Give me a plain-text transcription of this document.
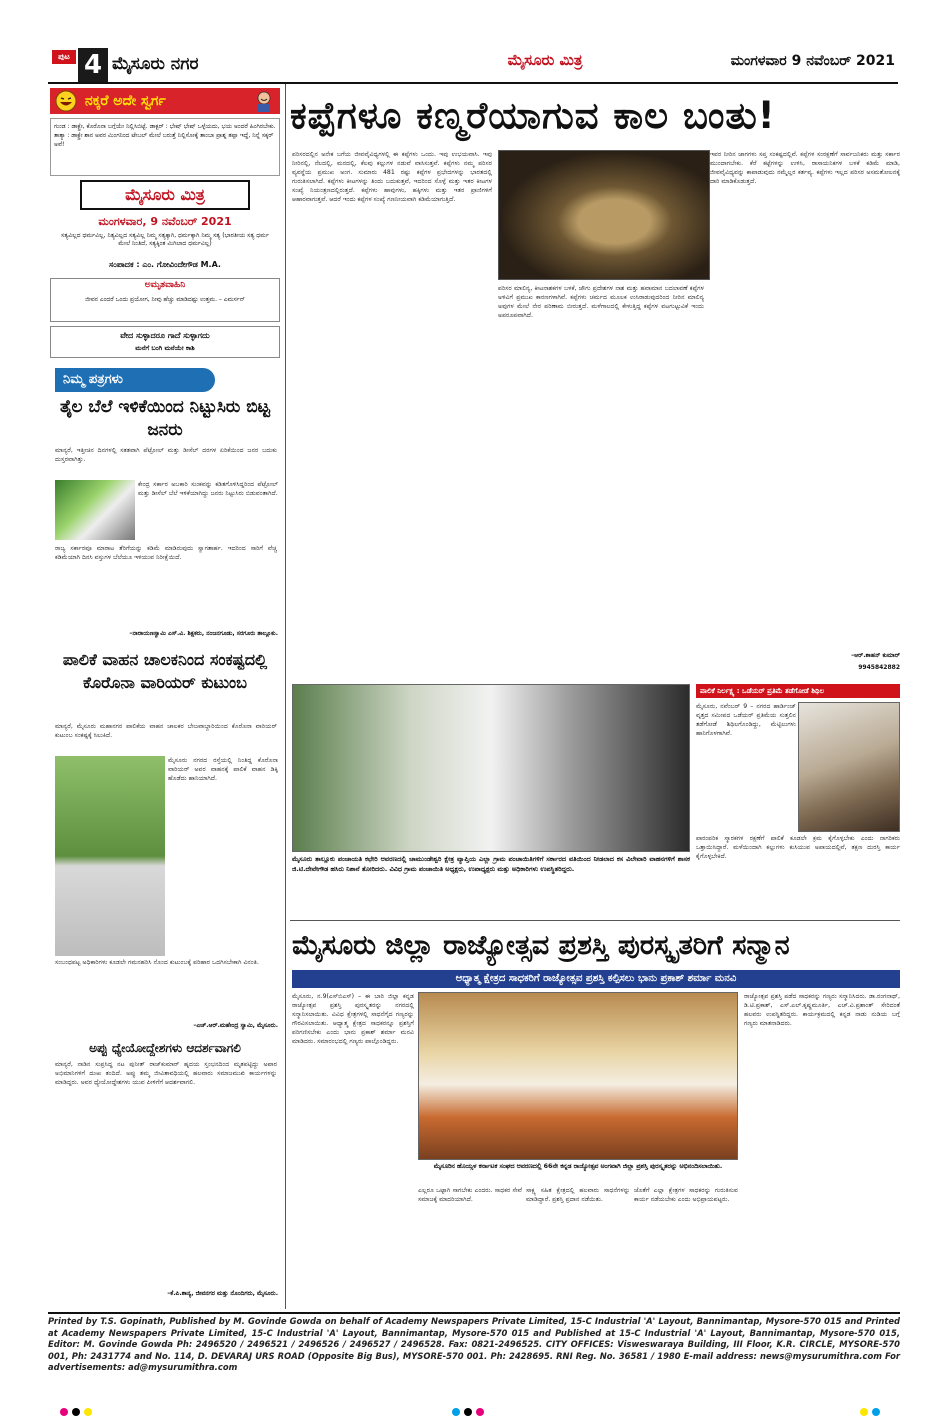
ಪುಟ 4 ಮೈಸೂರು ನಗರ	ಮೈಸೂರು ಮಿತ್ರ	ಮಂಗಳವಾರ 9 ನವೆಂಬರ್ 2021
ನಕ್ಕರೆ ಅದೇ ಸ್ವರ್ಗ
ಗುಂಡ : ಡಾಕ್ಟ್ರೇ, ಕೊರೊನಾ ಬಗ್ಗೆಯೇ ನಿಲ್ಲಿಸಿಬಿಟ್ಟೆ. ಡಾಕ್ಟರ್ : ಭೇಷ್ ಭೇಷ್ ಒಳ್ಳೆಯದು, ಭಯ ಅಂದರೆ ಹಿಂಗಿರಬೇಕು. ತಾತ್ಯಾ : ಡಾಕ್ಟ್ರೇ ಶಾನ ಅವರ ಮಿಂಗನಿಂದ ಟೇಬಲ್ ಮೇಲೆ ಬರುತ್ತೆ ನಿಲ್ಲಿಸೋಕ್ಕೆ ತಾಂಬಾ ಪ್ರಾಶ್ನ ತಪ್ಪಾ ಇದ್ದೆ, ನಿನ್ನೆ ಸಕ್ಕರ್ ಅವೆ!
ಮೈಸೂರು ಮಿತ್ರ
ಮಂಗಳವಾರ, 9 ನವೆಂಬರ್ 2021
ಸತ್ಯವಿಲ್ಲದ ಧರ್ಮವಿಲ್ಲ, ನಿತ್ಯವಿಲ್ಲದ ಸತ್ಯವಿಲ್ಲ ನಿಮ್ಮ ಸತ್ಯಕ್ಕಾಗಿ, ಧರ್ಮಕ್ಕಾಗಿ ನಿಮ್ಮ ಸತ್ಯ (ಭಾರತೀಯ ಸತ್ಯ ಧರ್ಮ ಮೇಲೆ ನಿಂತಿದೆ, ಸತ್ಯಕ್ಕಿಂತ ಮಿಗಿಲಾದ ಧರ್ಮವಿಲ್ಲ)
ಸಂಪಾದಕ : ಎಂ. ಗೋವಿಂದೇಗೌಡ M.A.
ಅಮೃತವಾಹಿನಿ
ಜೀವನ ಎಂದರೆ ಒಂದು ಪ್ರಯೋಗ, ನೀವು ಹೆಚ್ಚು ಮಾಡಿದಷ್ಟು ಉತ್ತಮ. – ಎಮರ್ಸನ್
ವೇದ ಸುಳ್ಳಾದರೂ ಗಾದೆ ಸುಳ್ಳಾಗದು
ಮನೆಗೆ ಬಂಗಿ ಮನೆಯೇ ಕಾಶಿ
ನಿಮ್ಮ ಪತ್ರಗಳು
ತೈಲ ಬೆಲೆ ಇಳಿಕೆಯಿಂದ ನಿಟ್ಟುಸಿರು ಬಿಟ್ಟ ಜನರು
ಮಾನ್ಯರೆ, ಇತ್ತೀಚಿನ ದಿನಗಳಲ್ಲಿ ಸತತವಾಗಿ ಪೆಟ್ರೋಲ್ ಮತ್ತು ಡೀಸೆಲ್ ದರಗಳ ಏರಿಕೆಯಿಂದ ಜನರ ಬದುಕು ದುಸ್ತರವಾಗಿತ್ತು.
ಕೇಂದ್ರ ಸರ್ಕಾರ ಅಬಕಾರಿ ಸುಂಕವನ್ನು ಕಡಿತಗೊಳಿಸಿದ್ದರಿಂದ ಪೆಟ್ರೋಲ್ ಮತ್ತು ಡೀಸೆಲ್ ಬೆಲೆ ಇಳಿಕೆಯಾಗಿದ್ದು ಜನರು ನಿಟ್ಟುಸಿರು ಬಿಡುವಂತಾಗಿದೆ.
ರಾಜ್ಯ ಸರ್ಕಾರವೂ ಮಾರಾಟ ತೆರಿಗೆಯನ್ನು ಕಡಿಮೆ ಮಾಡಿರುವುದು ಸ್ವಾಗತಾರ್ಹ. ಇದರಿಂದ ಸಾರಿಗೆ ವೆಚ್ಚ ಕಡಿಮೆಯಾಗಿ ದಿನಸಿ ವಸ್ತುಗಳ ಬೆಲೆಯೂ ಇಳಿಯುವ ನಿರೀಕ್ಷೆಯಿದೆ.
–ನಾರಾಯಣಸ್ವಾಮಿ ಎಸ್.ವಿ. ಶಿಕ್ಷಕರು, ನಂಜನಗೂಡು, ಸರಗೂರು ತಾಲ್ಲೂಕು.
ಪಾಲಿಕೆ ವಾಹನ ಚಾಲಕನಿಂದ ಸಂಕಷ್ಟದಲ್ಲಿ ಕೊರೊನಾ ವಾರಿಯರ್ ಕುಟುಂಬ
ಮಾನ್ಯರೆ, ಮೈಸೂರು ಮಹಾನಗರ ಪಾಲಿಕೆಯ ವಾಹನ ಚಾಲಕರ ಬೇಜವಾಬ್ದಾರಿಯಿಂದ ಕೊರೊನಾ ವಾರಿಯರ್ ಕುಟುಂಬ ಸಂಕಷ್ಟಕ್ಕೆ ಸಿಲುಕಿದೆ.
ಮೈಸೂರು ನಗರದ ರಸ್ತೆಯಲ್ಲಿ ನಿಂತಿದ್ದ ಕೊರೊನಾ ವಾರಿಯರ್ ಅವರ ವಾಹನಕ್ಕೆ ಪಾಲಿಕೆ ವಾಹನ ಡಿಕ್ಕಿ ಹೊಡೆದು ಹಾನಿಯಾಗಿದೆ.
ಸಂಬಂಧಪಟ್ಟ ಅಧಿಕಾರಿಗಳು ಕೂಡಲೇ ಗಮನಹರಿಸಿ ನೊಂದ ಕುಟುಂಬಕ್ಕೆ ಪರಿಹಾರ ಒದಗಿಸಬೇಕಾಗಿ ವಿನಂತಿ.
–ಎಚ್.ಆರ್.ಮಹೇಂದ್ರ ಸ್ವಾಮಿ, ಮೈಸೂರು.
ಅಪ್ಪು ಧ್ಯೇಯೋದ್ದೇಶಗಳು ಆದರ್ಶವಾಗಲಿ
ಮಾನ್ಯರೆ, ನಾಡಿನ ಸುಪ್ರಸಿದ್ಧ ನಟ ಪುನೀತ್ ರಾಜ್‌ಕುಮಾರ್ ಹೃದಯ ಸ್ತಂಭನದಿಂದ ಮೃತಪಟ್ಟಿದ್ದು ಅಪಾರ ಅಭಿಮಾನಿಗಳಿಗೆ ದುಃಖ ತಂದಿದೆ. ಅಪ್ಪು ತಮ್ಮ ಜೀವಿತಾವಧಿಯಲ್ಲಿ ಹಲವಾರು ಸಮಾಜಮುಖಿ ಕಾರ್ಯಗಳನ್ನು ಮಾಡಿದ್ದರು. ಅವರ ಧ್ಯೇಯೋದ್ದೇಶಗಳು ಯುವ ಪೀಳಿಗೆಗೆ ಆದರ್ಶವಾಗಲಿ.
–ಕೆ.ಪಿ.ಶಾನ್ಯ, ಜೀವನಗರ ಮತ್ತು ನೊಂದಿಗರು, ಮೈಸೂರು.
ಕಪ್ಪೆಗಳೂ ಕಣ್ಮರೆಯಾಗುವ ಕಾಲ ಬಂತು!
ಪರಿಸರದಲ್ಲಿನ ಅನೇಕ ಬಗೆಯ ಜೀವವೈವಿಧ್ಯಗಳಲ್ಲಿ ಈ ಕಪ್ಪೆಗಳು ಒಂದು. ಇವು ಉಭಯವಾಸಿ. ಇವು ನೀರಿನಲ್ಲಿ, ನೆಲದಲ್ಲಿ, ಮರದಲ್ಲಿ, ಕೆಲವು ಕಲ್ಲುಗಳ ನಡುವೆ ವಾಸಿಸುತ್ತವೆ. ಕಪ್ಪೆಗಳು ನಮ್ಮ ಪರಿಸರ ವ್ಯವಸ್ಥೆಯ ಪ್ರಮುಖ ಅಂಗ. ಸುಮಾರು 481 ರಷ್ಟು ಕಪ್ಪೆಗಳ ಪ್ರಭೇದಗಳನ್ನು ಭಾರತದಲ್ಲಿ ಗುರುತಿಸಲಾಗಿದೆ. ಕಪ್ಪೆಗಳು ಕೀಟಗಳನ್ನು ತಿಂದು ಬದುಕುತ್ತವೆ, ಇದರಿಂದ ಸೊಳ್ಳೆ ಮತ್ತು ಇತರ ಕೀಟಗಳ ಸಂಖ್ಯೆ ನಿಯಂತ್ರಣದಲ್ಲಿರುತ್ತದೆ. ಕಪ್ಪೆಗಳು ಹಾವುಗಳು, ಹಕ್ಕಿಗಳು ಮತ್ತು ಇತರ ಪ್ರಾಣಿಗಳಿಗೆ ಆಹಾರವಾಗುತ್ತವೆ. ಆದರೆ ಇಂದು ಕಪ್ಪೆಗಳ ಸಂಖ್ಯೆ ಗಣನೀಯವಾಗಿ ಕಡಿಮೆಯಾಗುತ್ತಿದೆ.
ಪರಿಸರ ಮಾಲಿನ್ಯ, ಕೀಟನಾಶಕಗಳ ಬಳಕೆ, ಜೌಗು ಪ್ರದೇಶಗಳ ನಾಶ ಮತ್ತು ಹವಾಮಾನ ಬದಲಾವಣೆ ಕಪ್ಪೆಗಳ ಅಳಿವಿಗೆ ಪ್ರಮುಖ ಕಾರಣಗಳಾಗಿವೆ. ಕಪ್ಪೆಗಳು ಚರ್ಮದ ಮೂಲಕ ಉಸಿರಾಡುವುದರಿಂದ ನೀರಿನ ಮಾಲಿನ್ಯ ಅವುಗಳ ಮೇಲೆ ನೇರ ಪರಿಣಾಮ ಬೀರುತ್ತದೆ. ಮಳೆಗಾಲದಲ್ಲಿ ಕೇಳುತ್ತಿದ್ದ ಕಪ್ಪೆಗಳ ವಟಗುಟ್ಟುವಿಕೆ ಇಂದು ಅಪರೂಪವಾಗಿದೆ.
ಇವರ ನೀರಿನ ಜಾಗಗಳು ಸಪ್ತ ಸಂಕಷ್ಟದಲ್ಲಿವೆ. ಕಪ್ಪೆಗಳ ಸಂರಕ್ಷಣೆಗೆ ಸಾರ್ವಜನಿಕರು ಮತ್ತು ಸರ್ಕಾರ ಮುಂದಾಗಬೇಕು. ಕೆರೆ ಕಟ್ಟೆಗಳನ್ನು ಉಳಿಸಿ, ರಾಸಾಯನಿಕಗಳ ಬಳಕೆ ಕಡಿಮೆ ಮಾಡಿ, ಜೀವವೈವಿಧ್ಯವನ್ನು ಕಾಪಾಡುವುದು ನಮ್ಮೆಲ್ಲರ ಕರ್ತವ್ಯ. ಕಪ್ಪೆಗಳು ಇಲ್ಲದ ಪರಿಸರ ಅಸಮತೋಲನಕ್ಕೆ ದಾರಿ ಮಾಡಿಕೊಡುತ್ತದೆ.
–ಆರ್.ಶಾಹನ್ ಕುಮಾರ್
9945842882
ಮೈಸೂರು ತಾಲ್ಲೂಕು ಪಂಚಾಯತಿ ಕಛೇರಿ ಆವರಣದಲ್ಲಿ ಚಾಮುಂಡೇಶ್ವರಿ ಕ್ಷೇತ್ರ ವ್ಯಾಪ್ತಿಯ ಎಲ್ಲಾ ಗ್ರಾಮ ಪಂಚಾಯಿತಿಗಳಿಗೆ ಸರ್ಕಾರದ ವತಿಯಿಂದ ನೀಡಲಾದ ಕಸ ವಿಲೇವಾರಿ ವಾಹನಗಳಿಗೆ ಶಾಸಕ ಜಿ.ಟಿ.ದೇವೇಗೌಡ ಹಸಿರು ನಿಶಾನೆ ತೋರಿದರು. ವಿವಿಧ ಗ್ರಾಮ ಪಂಚಾಯಿತಿ ಅಧ್ಯಕ್ಷರು, ಉಪಾಧ್ಯಕ್ಷರು ಮತ್ತು ಅಧಿಕಾರಿಗಳು ಉಪಸ್ಥಿತರಿದ್ದರು.
ಪಾಲಿಕೆ ನಿರ್ಲಕ್ಷ್ಯ : ಒಡೆಯರ್ ಪ್ರತಿಮೆ ತಡೆಗೋಡೆ ಶಿಥಿಲ
ಮೈಸೂರು, ನವೆಂಬರ್ 9 – ನಗರದ ಹಾರ್ಡಿಂಜ್ ವೃತ್ತದ ಸಮೀಪದ ಒಡೆಯರ್ ಪ್ರತಿಮೆಯ ಸುತ್ತಲಿನ ತಡೆಗೋಡೆ ಶಿಥಿಲಗೊಂಡಿದ್ದು, ಮೆಟ್ಟಿಲುಗಳು ಹಾನಿಗೊಳಗಾಗಿವೆ.
ಪಾರಂಪರಿಕ ಸ್ಮಾರಕಗಳ ರಕ್ಷಣೆಗೆ ಪಾಲಿಕೆ ಕೂಡಲೇ ಕ್ರಮ ಕೈಗೊಳ್ಳಬೇಕು ಎಂದು ನಾಗರಿಕರು ಒತ್ತಾಯಿಸಿದ್ದಾರೆ. ಮಳೆಯಿಂದಾಗಿ ಕಲ್ಲುಗಳು ಕುಸಿಯುವ ಅಪಾಯದಲ್ಲಿವೆ, ತಕ್ಷಣ ದುರಸ್ತಿ ಕಾರ್ಯ ಕೈಗೊಳ್ಳಬೇಕಿದೆ.
ಮೈಸೂರು ಜಿಲ್ಲಾ ರಾಜ್ಯೋತ್ಸವ ಪ್ರಶಸ್ತಿ ಪುರಸ್ಕೃತರಿಗೆ ಸನ್ಮಾನ
ಆಧ್ಯಾತ್ಮ ಕ್ಷೇತ್ರದ ಸಾಧಕರಿಗೆ ರಾಜ್ಯೋತ್ಸವ ಪ್ರಶಸ್ತಿ ಕಲ್ಪಿಸಲು ಭಾನು ಪ್ರಕಾಶ್ ಶರ್ಮಾ ಮನವಿ
ಮೈಸೂರು, ನ.9(ಎಸ್‌ಬಿಎಸ್) – ಈ ಬಾರಿ ಜಿಲ್ಲಾ ಕನ್ನಡ ರಾಜ್ಯೋತ್ಸವ ಪ್ರಶಸ್ತಿ ಪುರಸ್ಕೃತರನ್ನು ನಗರದಲ್ಲಿ ಸನ್ಮಾನಿಸಲಾಯಿತು. ವಿವಿಧ ಕ್ಷೇತ್ರಗಳಲ್ಲಿ ಸಾಧನೆಗೈದ ಗಣ್ಯರನ್ನು ಗೌರವಿಸಲಾಯಿತು. ಆಧ್ಯಾತ್ಮ ಕ್ಷೇತ್ರದ ಸಾಧಕರನ್ನೂ ಪ್ರಶಸ್ತಿಗೆ ಪರಿಗಣಿಸಬೇಕು ಎಂದು ಭಾನು ಪ್ರಕಾಶ್ ಶರ್ಮಾ ಮನವಿ ಮಾಡಿದರು. ಸಮಾರಂಭದಲ್ಲಿ ಗಣ್ಯರು ಪಾಲ್ಗೊಂಡಿದ್ದರು.
ಮೈಸೂರಿನ ಹೊಯ್ಸಳ ಕರ್ನಾಟಕ ಸಂಘದ ಆವರಣದಲ್ಲಿ 66ನೇ ಕನ್ನಡ ರಾಜ್ಯೋತ್ಸವ ಅಂಗವಾಗಿ ಜಿಲ್ಲಾ ಪ್ರಶಸ್ತಿ ಪುರಸ್ಕೃತರನ್ನು ಅಭಿನಂದಿಸಲಾಯಿತು.
ರಾಜ್ಯೋತ್ಸವ ಪ್ರಶಸ್ತಿ ಪಡೆದ ಸಾಧಕರನ್ನು ಗಣ್ಯರು ಸನ್ಮಾನಿಸಿದರು. ಡಾ.ರಂಗನಾಥ್, ಡಿ.ಟಿ.ಪ್ರಕಾಶ್, ಎಸ್.ಎಲ್.ಕೃಷ್ಣಮೂರ್ತಿ, ಎಚ್.ವಿ.ಪ್ರಶಾಂತ್ ಸೇರಿದಂತೆ ಹಲವರು ಉಪಸ್ಥಿತರಿದ್ದರು. ಕಾರ್ಯಕ್ರಮದಲ್ಲಿ ಕನ್ನಡ ನಾಡು ನುಡಿಯ ಬಗ್ಗೆ ಗಣ್ಯರು ಮಾತನಾಡಿದರು.
ಎಲ್ಲರೂ ಒಟ್ಟಾಗಿ ಸಾಗಬೇಕು ಎಂದರು. ಸಾಧಕರ ಸೇವೆ ಸಮಾಜಕ್ಕೆ ಮಾದರಿಯಾಗಿದೆ.
ಸಾಕ್ಷ್ಯ ಸಹಿತ ಕ್ಷೇತ್ರದಲ್ಲಿ ಹಲವಾರು ಸಾಧನೆಗಳನ್ನು ಮಾಡಿದ್ದಾರೆ. ಪ್ರಶಸ್ತಿ ಪ್ರದಾನ ನಡೆಯಿತು.
ಜೊತೆಗೆ ಎಲ್ಲಾ ಕ್ಷೇತ್ರಗಳ ಸಾಧಕರನ್ನು ಗುರುತಿಸುವ ಕಾರ್ಯ ನಡೆಯಬೇಕು ಎಂದು ಅಭಿಪ್ರಾಯಪಟ್ಟರು.
Printed by T.S. Gopinath, Published by M. Govinde Gowda on behalf of Academy Newspapers Private Limited, 15-C Industrial 'A' Layout, Bannimantap, Mysore-570 015 and Printed at Academy Newspapers Private Limited, 15-C Industrial 'A' Layout, Bannimantap, Mysore-570 015 and Published at 15-C Industrial 'A' Layout, Bannimantap, Mysore-570 015, Editor: M. Govinde Gowda Ph: 2496520 / 2496521 / 2496526 / 2496527 / 2496528. Fax: 0821-2496525. CITY OFFICES: Visweswaraya Building, III Floor, K.R. CIRCLE, MYSORE-570 001, Ph: 2431774 and No. 114, D. DEVARAJ URS ROAD (Opposite Big Bus), MYSORE-570 001. Ph: 2428695. RNI Reg. No. 36581 / 1980 E-mail address: news@mysurumithra.com For advertisements: ad@mysurumithra.com
